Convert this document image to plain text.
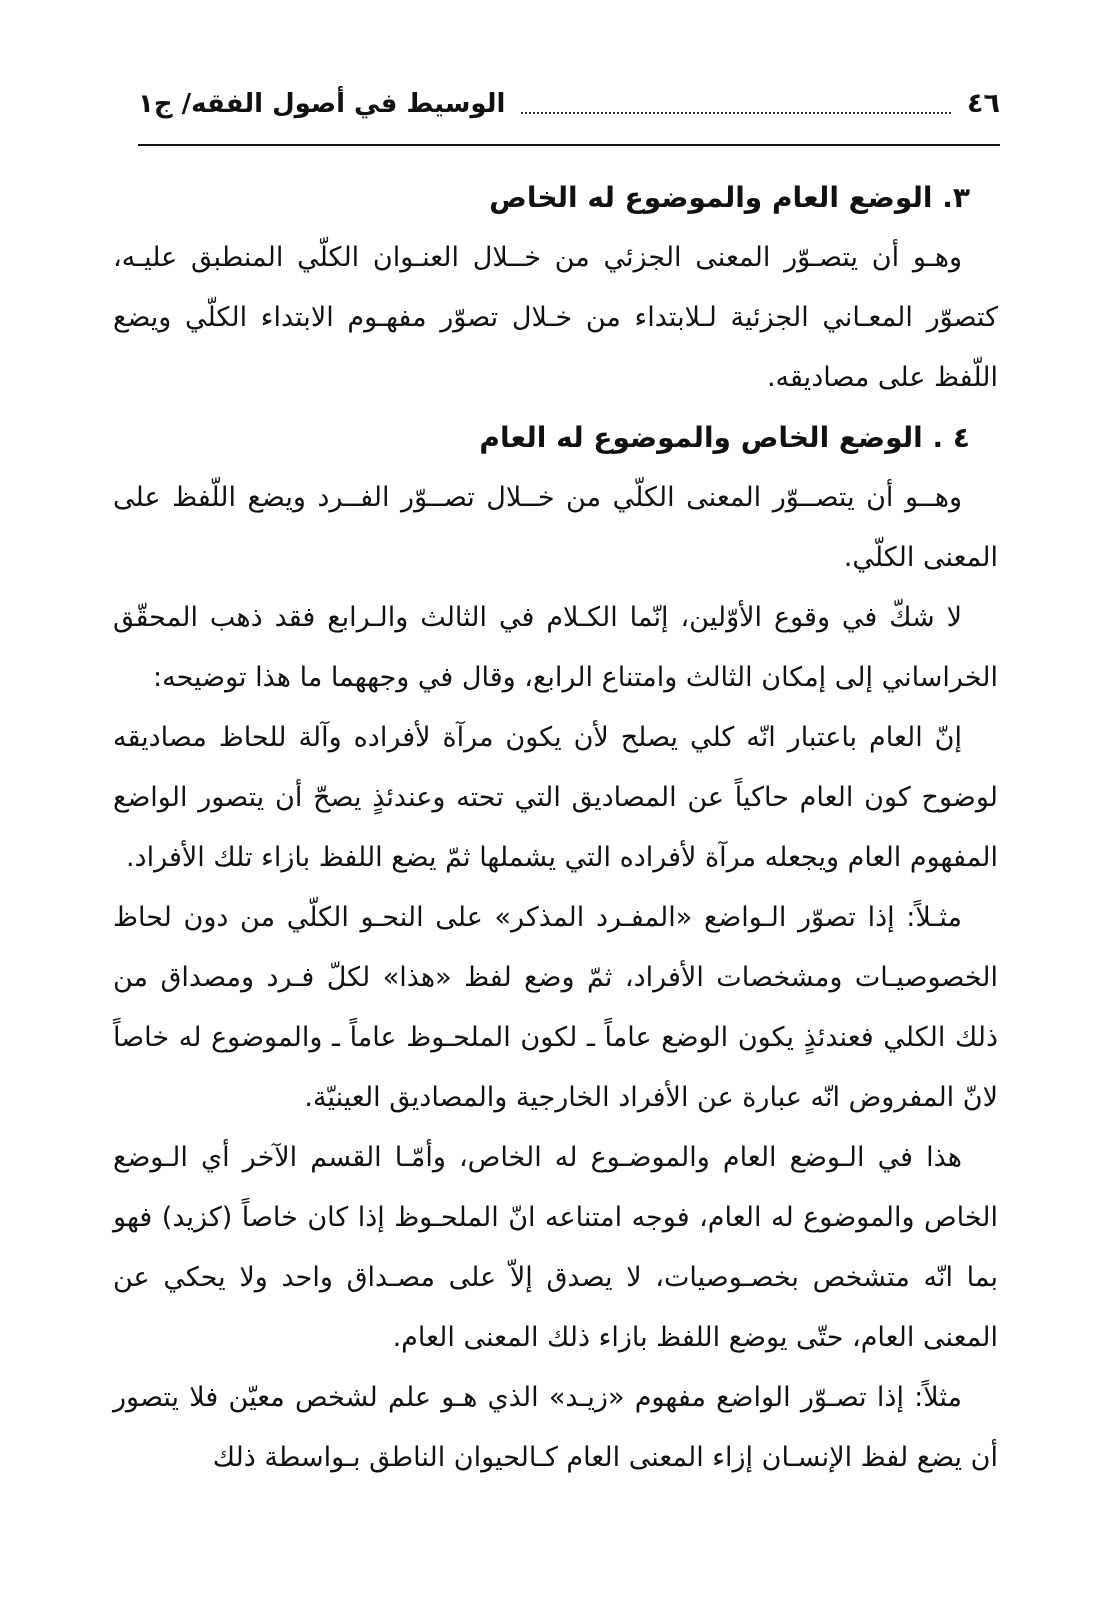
٤٦
الوسيط في أصول الفقه/ ج١

٣. الوضع العام والموضوع له الخاص

وهـو أن يتصـوّر المعنى الجزئي من خــلال العنـوان الكلّي المنطبق عليـه، كتصوّر المعـاني الجزئية لـلابتداء من خـلال تصوّر مفهـوم الابتداء الكلّي ويضع اللّفظ على مصاديقه.

٤ . الوضع الخاص والموضوع له العام

وهــو أن يتصــوّر المعنى الكلّي من خــلال تصــوّر الفــرد ويضع اللّفظ على المعنى الكلّي.

لا شكّ في وقوع الأوّلين، إنّما الكـلام في الثالث والـرابع فقد ذهب المحقّق الخراساني إلى إمكان الثالث وامتناع الرابع، وقال في وجههما ما هذا توضيحه:

إنّ العام باعتبار انّه كلي يصلح لأن يكون مرآة لأفراده وآلة للحاظ مصاديقه لوضوح كون العام حاكياً عن المصاديق التي تحته وعندئذٍ يصحّ أن يتصور الواضع المفهوم العام ويجعله مرآة لأفراده التي يشملها ثمّ يضع اللفظ بازاء تلك الأفراد.

مثـلاً: إذا تصوّر الـواضع «المفـرد المذكر» على النحـو الكلّي من دون لحاظ الخصوصيـات ومشخصات الأفراد، ثمّ وضع لفظ «هذا» لكلّ فـرد ومصداق من ذلك الكلي فعندئذٍ يكون الوضع عاماً ـ لكون الملحـوظ عاماً ـ والموضوع له خاصاً لانّ المفروض انّه عبارة عن الأفراد الخارجية والمصاديق العينيّة.

هذا في الـوضع العام والموضـوع له الخاص، وأمّـا القسم الآخر أي الـوضع الخاص والموضوع له العام، فوجه امتناعه انّ الملحـوظ إذا كان خاصاً (كزيد) فهو بما انّه متشخص بخصـوصيات، لا يصدق إلاّ على مصـداق واحد ولا يحكي عن المعنى العام، حتّى يوضع اللفظ بازاء ذلك المعنى العام.

مثلاً: إذا تصـوّر الواضع مفهوم «زيـد» الذي هـو علم لشخص معيّن فلا يتصور أن يضع لفظ الإنسـان إزاء المعنى العام كـالحيوان الناطق بـواسطة ذلك
